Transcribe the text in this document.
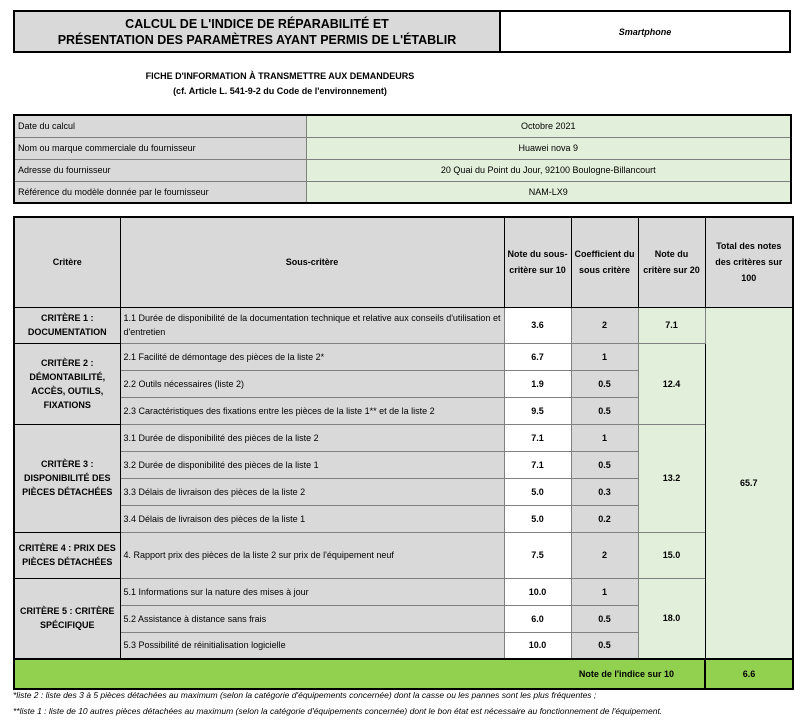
CALCUL DE L'INDICE DE RÉPARABILITÉ ET
PRÉSENTATION DES PARAMÈTRES AYANT PERMIS DE L'ÉTABLIR
Smartphone
FICHE D'INFORMATION À TRANSMETTRE AUX DEMANDEURS
(cf. Article L. 541-9-2 du Code de l'environnement)
Date du calcul	Octobre 2021
Nom ou marque commerciale du fournisseur	Huawei nova 9
Adresse du fournisseur	20 Quai du Point du Jour, 92100 Boulogne-Billancourt
Référence du modèle donnée par le fournisseur	NAM-LX9
Critère	Sous-critère	Note du sous-critère sur 10	Coefficient du sous critère	Note du critère sur 20	Total des notes des critères sur 100
CRITÈRE 1 : DOCUMENTATION	1.1 Durée de disponibilité de la documentation technique et relative aux conseils d'utilisation et d'entretien	3.6	2	7.1	65.7
CRITÈRE 2 : DÉMONTABILITÉ, ACCÈS, OUTILS, FIXATIONS	2.1 Facilité de démontage des pièces de la liste 2*	6.7	1	12.4	
	2.2 Outils nécessaires (liste 2)	1.9	0.5		
	2.3 Caractéristiques des fixations entre les pièces de la liste 1** et de la liste 2	9.5	0.5		
CRITÈRE 3 : DISPONIBILITÉ DES PIÈCES DÉTACHÉES	3.1 Durée de disponibilité des pièces de la liste 2	7.1	1	13.2	
	3.2 Durée de disponibilité des pièces de la liste 1	7.1	0.5		
	3.3 Délais de livraison des pièces de la liste 2	5.0	0.3		
	3.4 Délais de livraison des pièces de la liste 1	5.0	0.2		
CRITÈRE 4 : PRIX DES PIÈCES DÉTACHÉES	4. Rapport prix des pièces de la liste 2 sur prix de l'équipement neuf	7.5	2	15.0	
CRITÈRE 5 : CRITÈRE SPÉCIFIQUE	5.1 Informations sur la nature des mises à jour	10.0	1	18.0	
	5.2 Assistance à distance sans frais	6.0	0.5		
	5.3 Possibilité de réinitialisation logicielle	10.0	0.5		
Note de l'indice sur 10					6.6
*liste 2 : liste des 3 à 5 pièces détachées au maximum (selon la catégorie d'équipements concernée) dont la casse ou les pannes sont les plus fréquentes ;
**liste 1 : liste de 10 autres pièces détachées au maximum (selon la catégorie d'équipements concernée) dont le bon état est nécessaire au fonctionnement de l'équipement.
